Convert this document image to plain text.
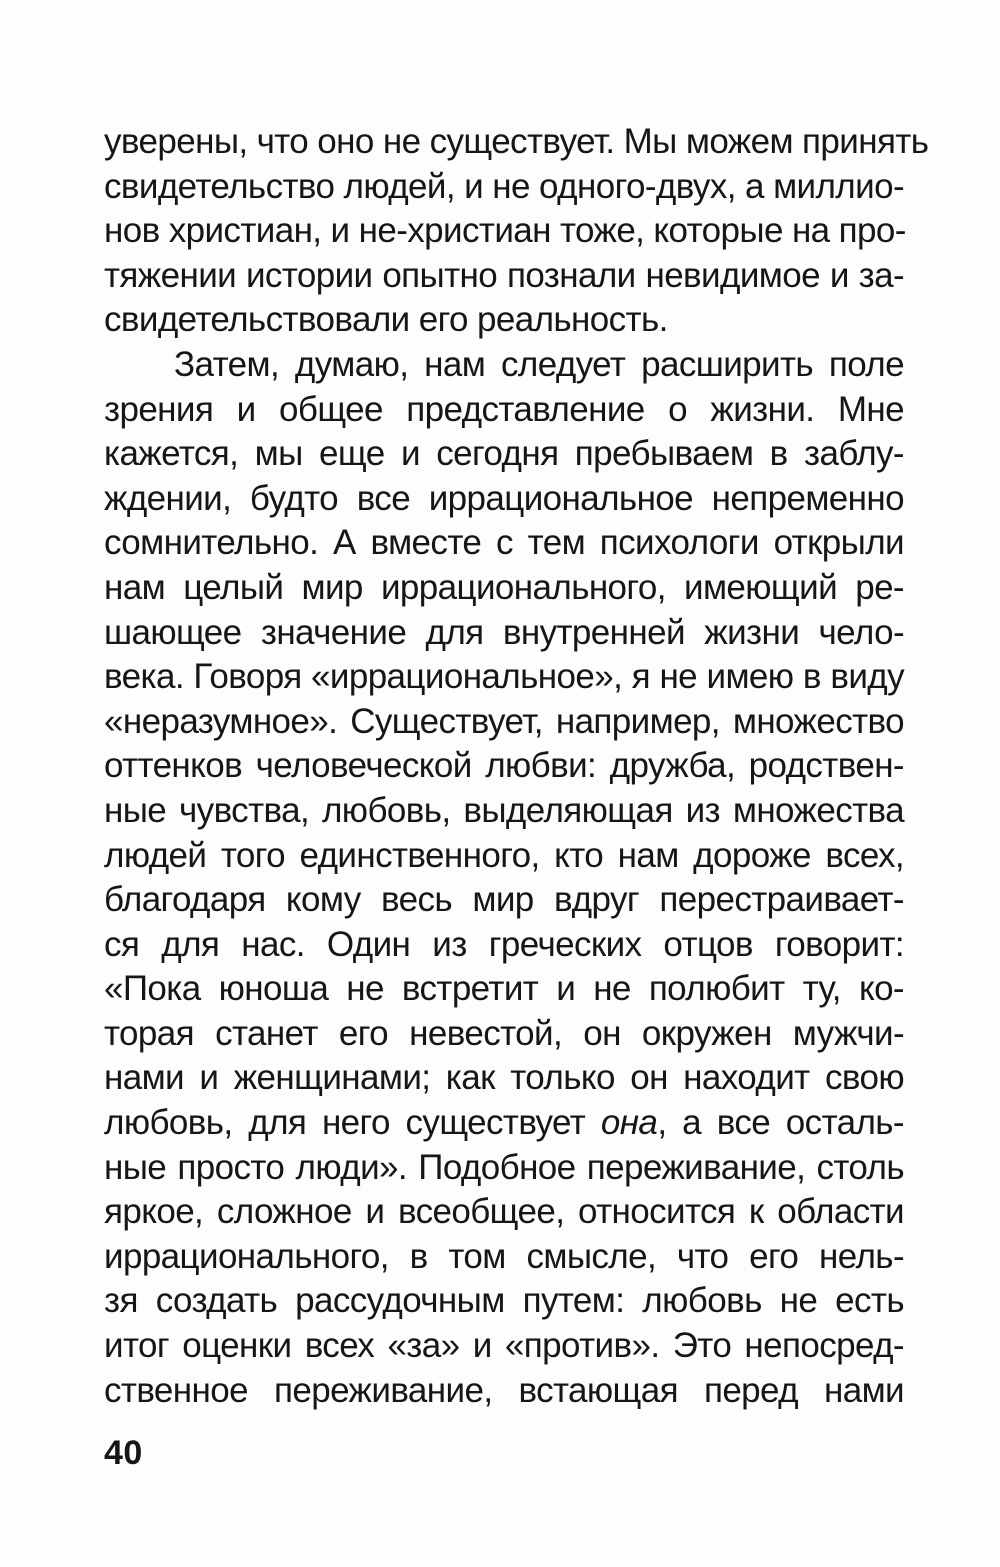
уверены, что оно не существует. Мы можем принять
свидетельство людей, и не одного-двух, а миллио-
нов христиан, и не-христиан тоже, которые на про-
тяжении истории опытно познали невидимое и за-
свидетельствовали его реальность.
Затем, думаю, нам следует расширить поле
зрения и общее представление о жизни. Мне
кажется, мы еще и сегодня пребываем в заблу-
ждении, будто все иррациональное непременно
сомнительно. А вместе с тем психологи открыли
нам целый мир иррационального, имеющий ре-
шающее значение для внутренней жизни чело-
века. Говоря «иррациональное», я не имею в виду
«неразумное». Существует, например, множество
оттенков человеческой любви: дружба, родствен-
ные чувства, любовь, выделяющая из множества
людей того единственного, кто нам дороже всех,
благодаря кому весь мир вдруг перестраивает-
ся для нас. Один из греческих отцов говорит:
«Пока юноша не встретит и не полюбит ту, ко-
торая станет его невестой, он окружен мужчи-
нами и женщинами; как только он находит свою
любовь, для него существует она, а все осталь-
ные просто люди». Подобное переживание, столь
яркое, сложное и всеобщее, относится к области
иррационального, в том смысле, что его нель-
зя создать рассудочным путем: любовь не есть
итог оценки всех «за» и «против». Это непосред-
ственное переживание, встающая перед нами
40
